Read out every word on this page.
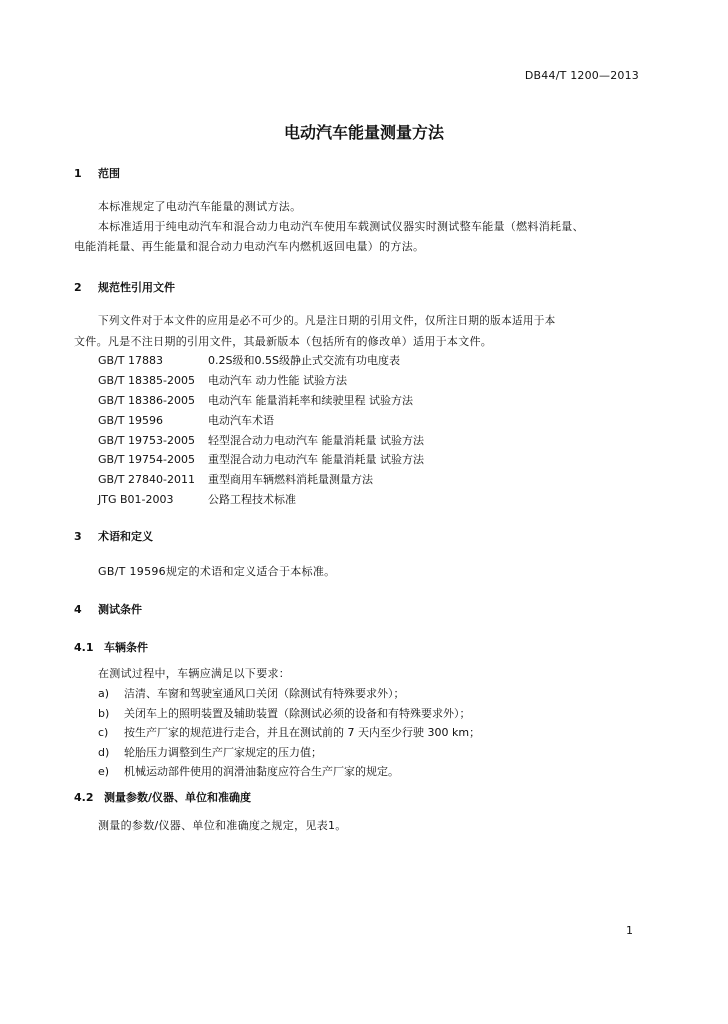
DB44/T 1200—2013
电动汽车能量测量方法
1 范围
本标准规定了电动汽车能量的测试方法。
本标准适用于纯电动汽车和混合动力电动汽车使用车载测试仪器实时测试整车能量（燃料消耗量、
电能消耗量、再生能量和混合动力电动汽车内燃机返回电量）的方法。
2 规范性引用文件
下列文件对于本文件的应用是必不可少的。凡是注日期的引用文件，仅所注日期的版本适用于本
文件。凡是不注日期的引用文件，其最新版本（包括所有的修改单）适用于本文件。
GB/T 17883	0.2S级和0.5S级静止式交流有功电度表
GB/T 18385-2005 电动汽车 动力性能 试验方法
GB/T 18386-2005 电动汽车 能量消耗率和续驶里程 试验方法
GB/T 19596	电动汽车术语
GB/T 19753-2005 轻型混合动力电动汽车 能量消耗量 试验方法
GB/T 19754-2005 重型混合动力电动汽车 能量消耗量 试验方法
GB/T 27840-2011 重型商用车辆燃料消耗量测量方法
JTG B01-2003	公路工程技术标准
3 术语和定义
GB/T 19596规定的术语和定义适合于本标准。
4 测试条件
4.1 车辆条件
在测试过程中，车辆应满足以下要求：
a) 洁清、车窗和驾驶室通风口关闭（除测试有特殊要求外）；
b) 关闭车上的照明装置及辅助装置（除测试必须的设备和有特殊要求外）；
c) 按生产厂家的规范进行走合，并且在测试前的 7 天内至少行驶 300 km；
d) 轮胎压力调整到生产厂家规定的压力值；
e) 机械运动部件使用的润滑油黏度应符合生产厂家的规定。
4.2 测量参数/仪器、单位和准确度
测量的参数/仪器、单位和准确度之规定，见表1。
1
